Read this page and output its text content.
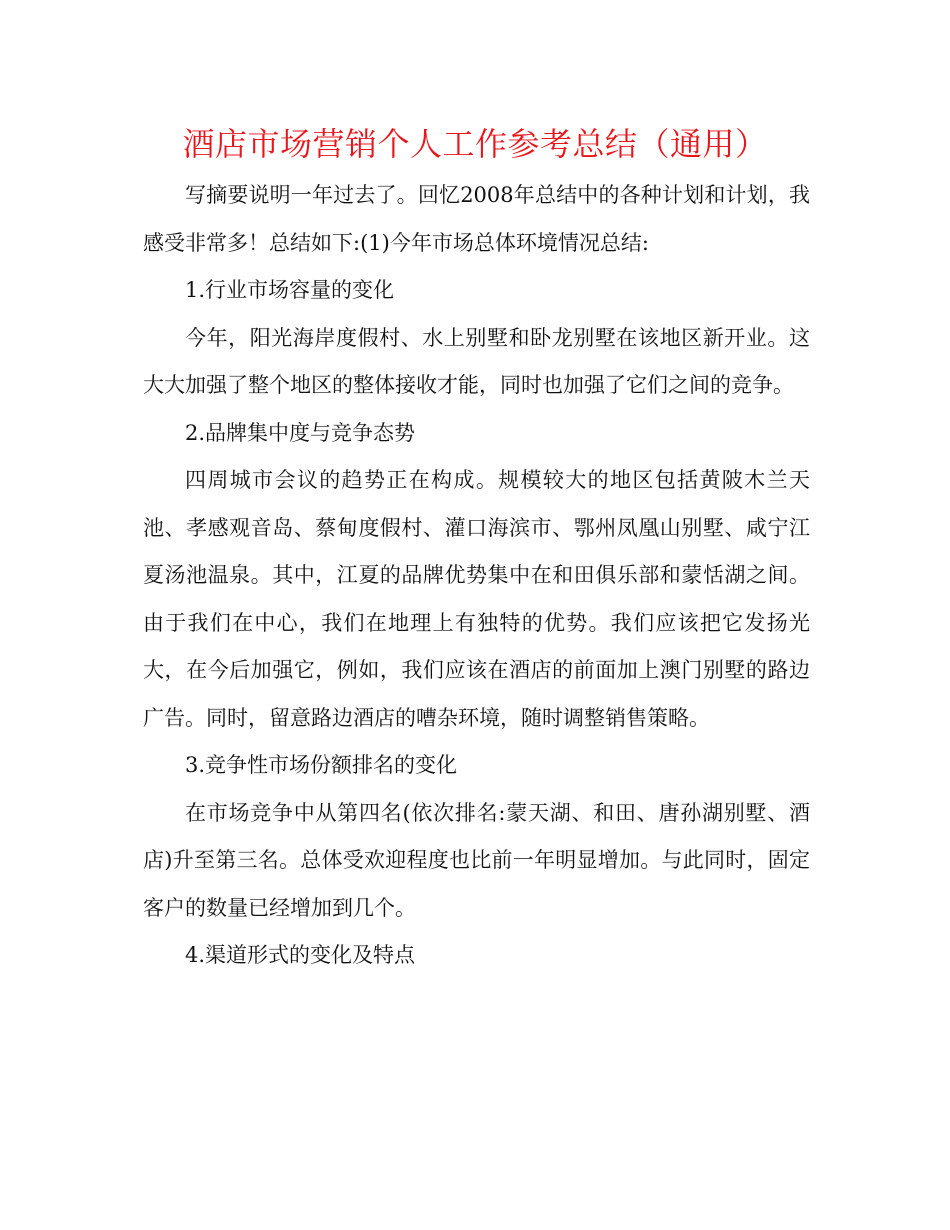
酒店市场营销个人工作参考总结（通用）

写摘要说明一年过去了。回忆2008年总结中的各种计划和计划，我感受非常多！总结如下:(1)今年市场总体环境情况总结:

1.行业市场容量的变化

今年，阳光海岸度假村、水上别墅和卧龙别墅在该地区新开业。这大大加强了整个地区的整体接收才能，同时也加强了它们之间的竞争。

2.品牌集中度与竞争态势

四周城市会议的趋势正在构成。规模较大的地区包括黄陂木兰天池、孝感观音岛、蔡甸度假村、灌口海滨市、鄂州凤凰山别墅、咸宁江夏汤池温泉。其中，江夏的品牌优势集中在和田俱乐部和蒙恬湖之间。由于我们在中心，我们在地理上有独特的优势。我们应该把它发扬光大，在今后加强它，例如，我们应该在酒店的前面加上澳门别墅的路边广告。同时，留意路边酒店的嘈杂环境，随时调整销售策略。

3.竞争性市场份额排名的变化

在市场竞争中从第四名(依次排名:蒙天湖、和田、唐孙湖别墅、酒店)升至第三名。总体受欢迎程度也比前一年明显增加。与此同时，固定客户的数量已经增加到几个。

4.渠道形式的变化及特点
